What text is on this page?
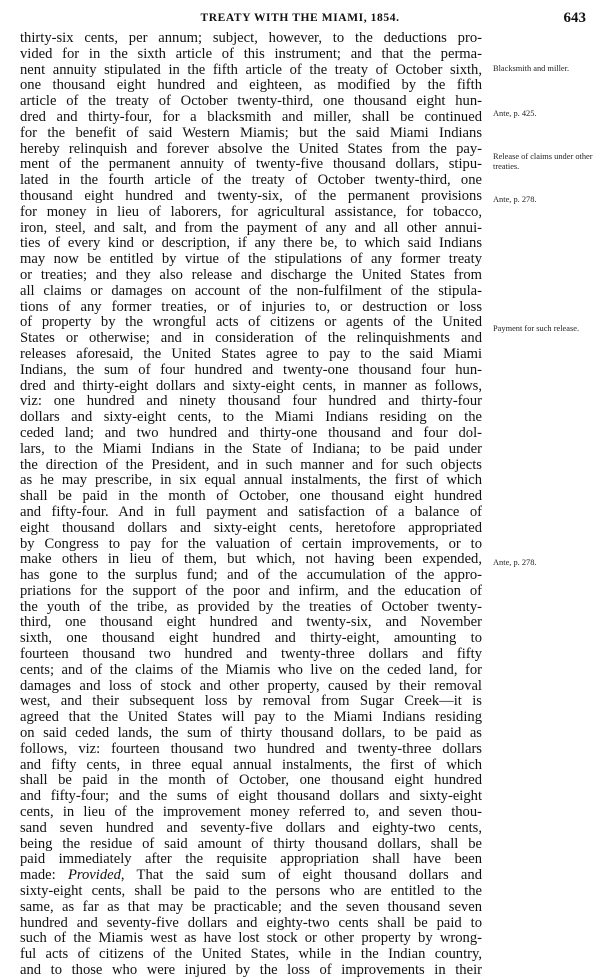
TREATY WITH THE MIAMI, 1854.	643
thirty-six cents, per annum; subject, however, to the deductions pro-
vided for in the sixth article of this instrument; and that the perma-
nent annuity stipulated in the fifth article of the treaty of October sixth,
one thousand eight hundred and eighteen, as modified by the fifth
article of the treaty of October twenty-third, one thousand eight hun-
dred and thirty-four, for a blacksmith and miller, shall be continued
for the benefit of said Western Miamis; but the said Miami Indians
hereby relinquish and forever absolve the United States from the pay-
ment of the permanent annuity of twenty-five thousand dollars, stipu-
lated in the fourth article of the treaty of October twenty-third, one
thousand eight hundred and twenty-six, of the permanent provisions
for money in lieu of laborers, for agricultural assistance, for tobacco,
iron, steel, and salt, and from the payment of any and all other annui-
ties of every kind or description, if any there be, to which said Indians
may now be entitled by virtue of the stipulations of any former treaty
or treaties; and they also release and discharge the United States from
all claims or damages on account of the non-fulfilment of the stipula-
tions of any former treaties, or of injuries to, or destruction or loss
of property by the wrongful acts of citizens or agents of the United
States or otherwise; and in consideration of the relinquishments and
releases aforesaid, the United States agree to pay to the said Miami
Indians, the sum of four hundred and twenty-one thousand four hun-
dred and thirty-eight dollars and sixty-eight cents, in manner as follows,
viz: one hundred and ninety thousand four hundred and thirty-four
dollars and sixty-eight cents, to the Miami Indians residing on the
ceded land; and two hundred and thirty-one thousand and four dol-
lars, to the Miami Indians in the State of Indiana; to be paid under
the direction of the President, and in such manner and for such objects
as he may prescribe, in six equal annual instalments, the first of which
shall be paid in the month of October, one thousand eight hundred
and fifty-four. And in full payment and satisfaction of a balance of
eight thousand dollars and sixty-eight cents, heretofore appropriated
by Congress to pay for the valuation of certain improvements, or to
make others in lieu of them, but which, not having been expended,
has gone to the surplus fund; and of the accumulation of the appro-
priations for the support of the poor and infirm, and the education of
the youth of the tribe, as provided by the treaties of October twenty-
third, one thousand eight hundred and twenty-six, and November
sixth, one thousand eight hundred and thirty-eight, amounting to
fourteen thousand two hundred and twenty-three dollars and fifty
cents; and of the claims of the Miamis who live on the ceded land, for
damages and loss of stock and other property, caused by their removal
west, and their subsequent loss by removal from Sugar Creek—it is
agreed that the United States will pay to the Miami Indians residing
on said ceded lands, the sum of thirty thousand dollars, to be paid as
follows, viz: fourteen thousand two hundred and twenty-three dollars
and fifty cents, in three equal annual instalments, the first of which
shall be paid in the month of October, one thousand eight hundred
and fifty-four; and the sums of eight thousand dollars and sixty-eight
cents, in lieu of the improvement money referred to, and seven thou-
sand seven hundred and seventy-five dollars and eighty-two cents,
being the residue of said amount of thirty thousand dollars, shall be
paid immediately after the requisite appropriation shall have been
made: Provided, That the said sum of eight thousand dollars and
sixty-eight cents, shall be paid to the persons who are entitled to the
same, as far as that may be practicable; and the seven thousand seven
hundred and seventy-five dollars and eighty-two cents shall be paid to
such of the Miamis west as have lost stock or other property by wrong-
ful acts of citizens of the United States, while in the Indian country,
and to those who were injured by the loss of improvements in their
Blacksmith and miller.
Ante, p. 425.
Release of claims under other treaties.
Ante, p. 278.
Payment for such release.
Ante, p. 278.
